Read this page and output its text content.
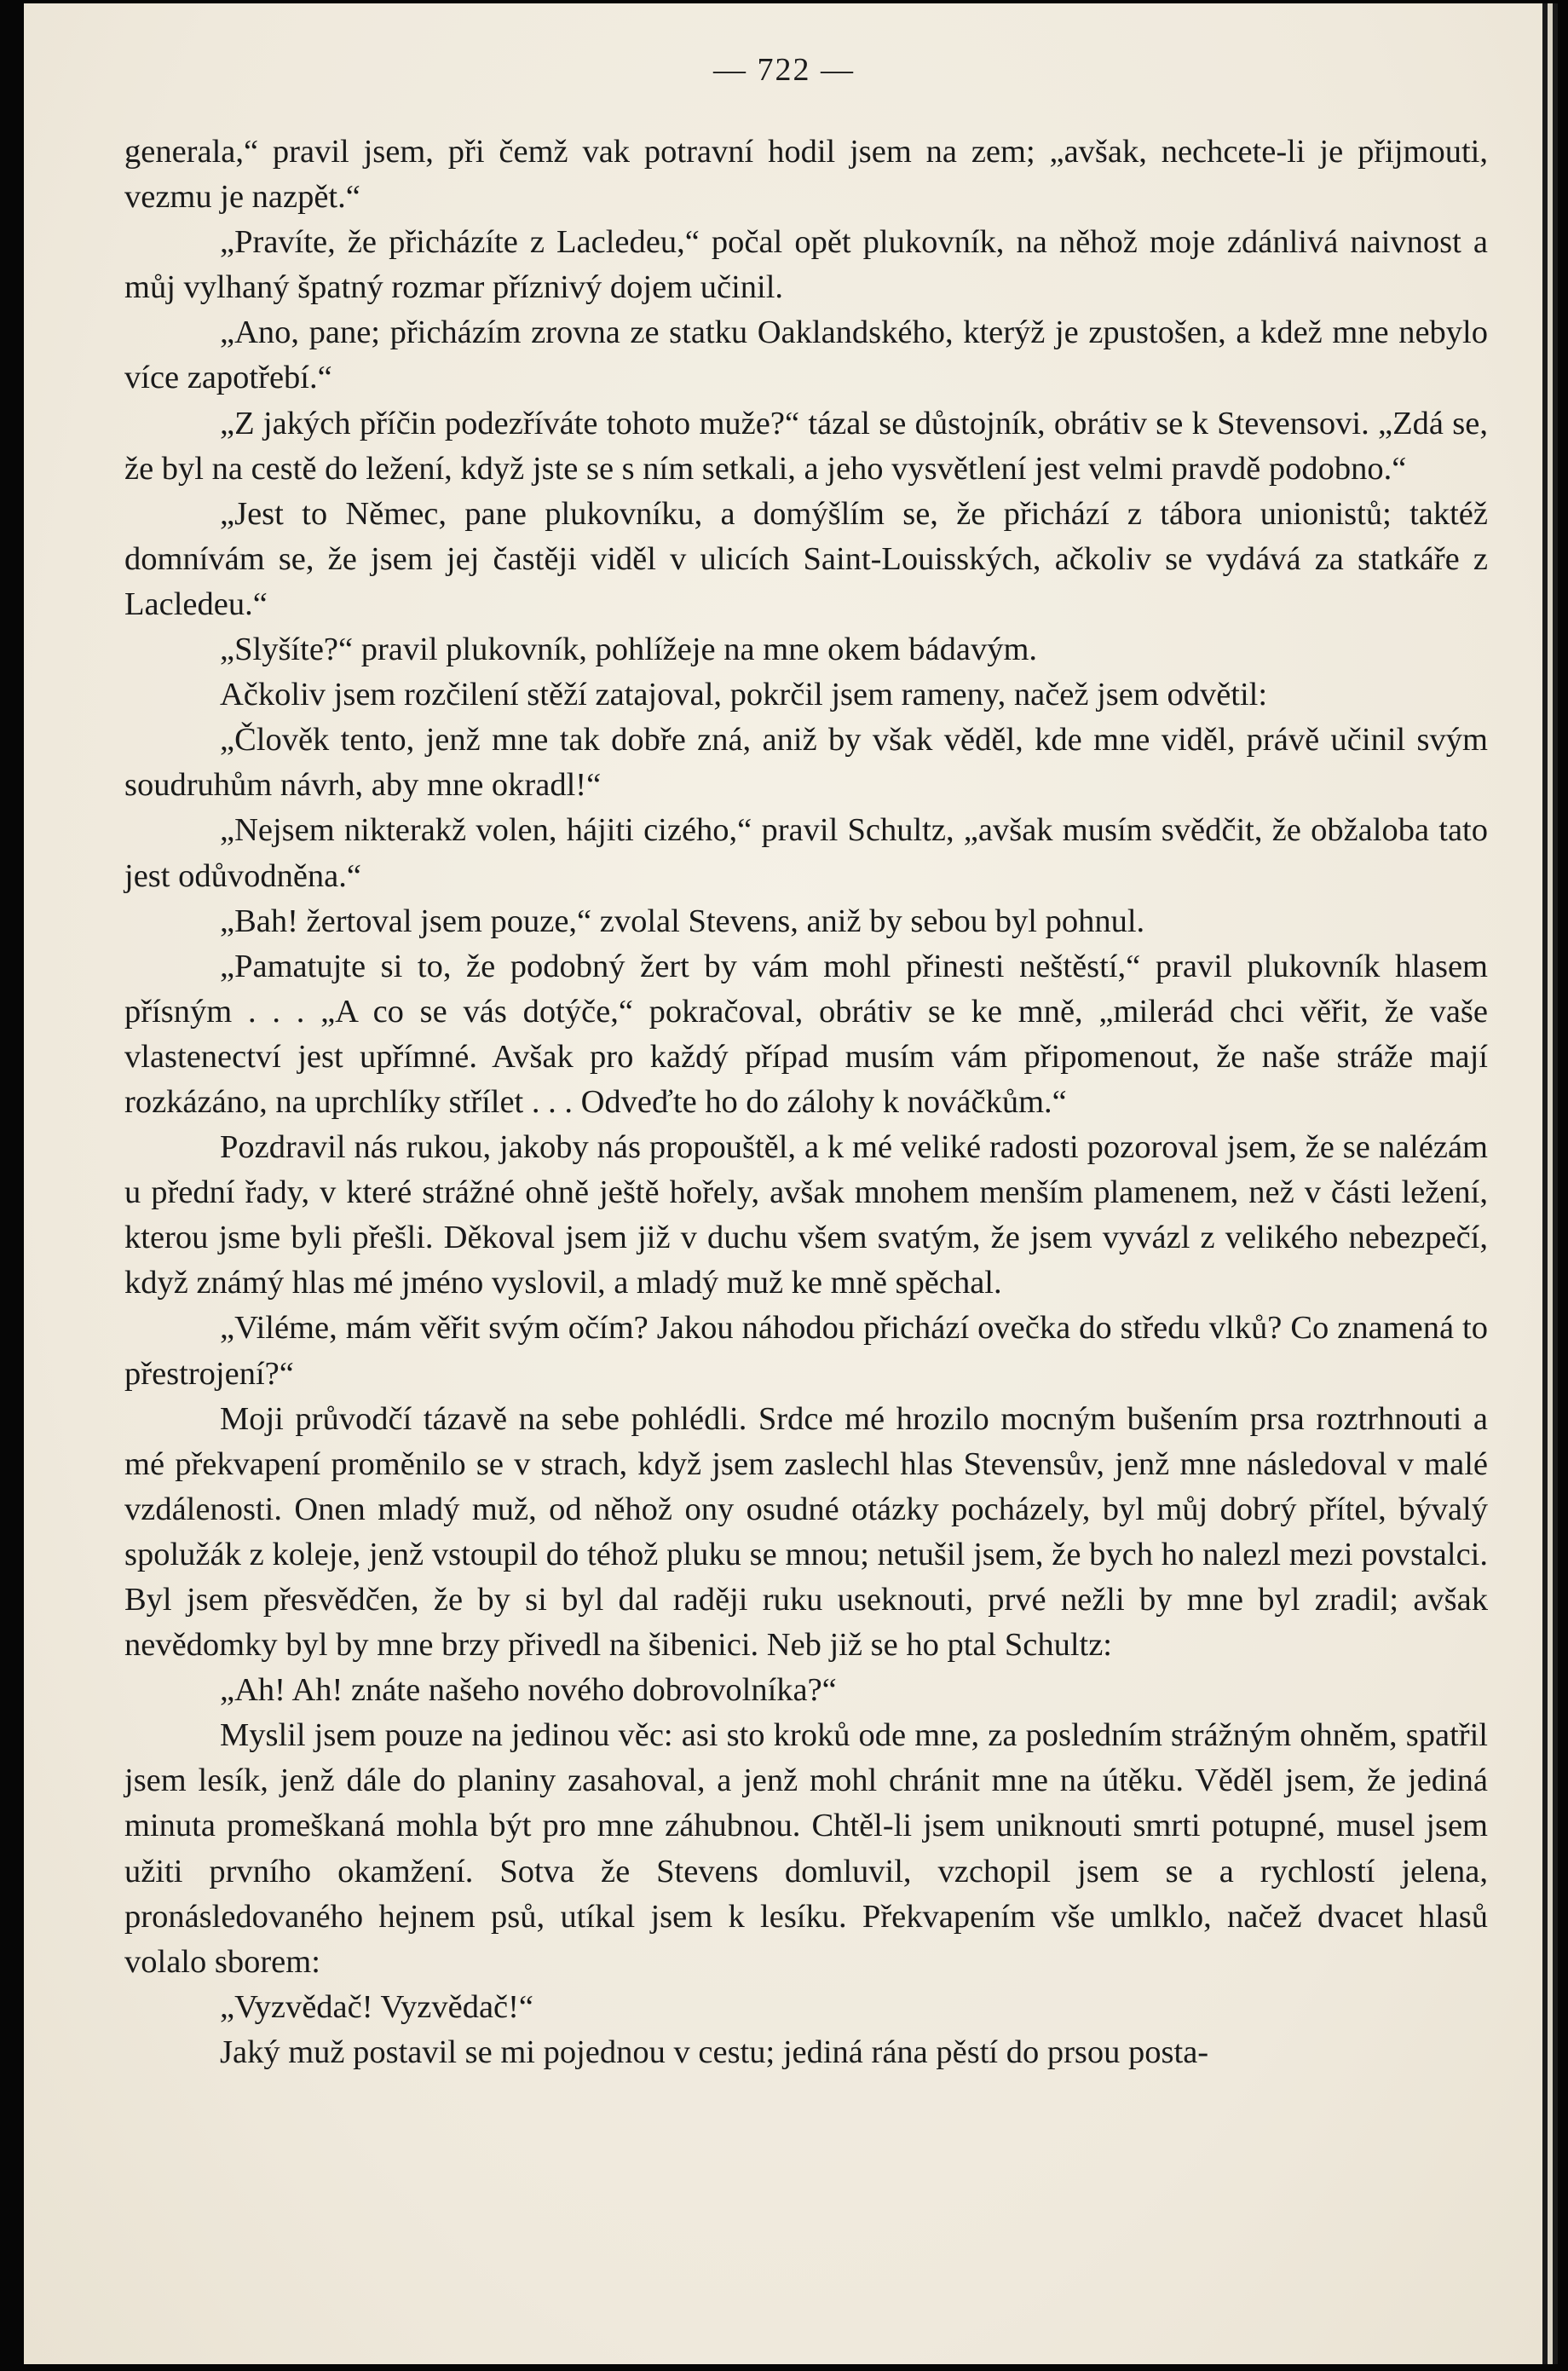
— 722 —

generala,“ pravil jsem, při čemž vak potravní hodil jsem na zem; „avšak, nechcete-li je přijmouti, vezmu je nazpět.“

„Pravíte, že přicházíte z Lacledeu,“ počal opět plukovník, na něhož moje zdánlivá naivnost a můj vylhaný špatný rozmar příznivý dojem učinil.

„Ano, pane; přicházím zrovna ze statku Oaklandského, kterýž je zpustošen, a kdež mne nebylo více zapotřebí.“

„Z jakých příčin podezříváte tohoto muže?“ tázal se důstojník, obrátiv se k Stevensovi. „Zdá se, že byl na cestě do ležení, když jste se s ním setkali, a jeho vysvětlení jest velmi pravdě podobno.“

„Jest to Němec, pane plukovníku, a domýšlím se, že přichází z tábora unionistů; taktéž domnívám se, že jsem jej častěji viděl v ulicích Saint-Louisských, ačkoliv se vydává za statkáře z Lacledeu.“

„Slyšíte?“ pravil plukovník, pohlížeje na mne okem bádavým.

Ačkoliv jsem rozčilení stěží zatajoval, pokrčil jsem rameny, načež jsem odvětil:

„Člověk tento, jenž mne tak dobře zná, aniž by však věděl, kde mne viděl, právě učinil svým soudruhům návrh, aby mne okradl!“

„Nejsem nikterakž volen, hájiti cizého,“ pravil Schultz, „avšak musím svědčit, že obžaloba tato jest odůvodněna.“

„Bah! žertoval jsem pouze,“ zvolal Stevens, aniž by sebou byl pohnul.

„Pamatujte si to, že podobný žert by vám mohl přinesti neštěstí,“ pravil plukovník hlasem přísným . . . „A co se vás dotýče,“ pokračoval, obrátiv se ke mně, „milerád chci věřit, že vaše vlastenectví jest upřímné. Avšak pro každý případ musím vám připomenout, že naše stráže mají rozkázáno, na uprchlíky střílet . . . Odveďte ho do zálohy k nováčkům.“

Pozdravil nás rukou, jakoby nás propouštěl, a k mé veliké radosti pozoroval jsem, že se nalézám u přední řady, v které strážné ohně ještě hořely, avšak mnohem menším plamenem, než v části ležení, kterou jsme byli přešli. Děkoval jsem již v duchu všem svatým, že jsem vyvázl z velikého nebezpečí, když známý hlas mé jméno vyslovil, a mladý muž ke mně spěchal.

„Viléme, mám věřit svým očím? Jakou náhodou přichází ovečka do středu vlků? Co znamená to přestrojení?“

Moji průvodčí tázavě na sebe pohlédli. Srdce mé hrozilo mocným bušením prsa roztrhnouti a mé překvapení proměnilo se v strach, když jsem zaslechl hlas Stevensův, jenž mne následoval v malé vzdálenosti. Onen mladý muž, od něhož ony osudné otázky pocházely, byl můj dobrý přítel, bývalý spolužák z koleje, jenž vstoupil do téhož pluku se mnou; netušil jsem, že bych ho nalezl mezi povstalci. Byl jsem přesvědčen, že by si byl dal raději ruku useknouti, prvé nežli by mne byl zradil; avšak nevědomky byl by mne brzy přivedl na šibenici. Neb již se ho ptal Schultz:

„Ah! Ah! znáte našeho nového dobrovolníka?“

Myslil jsem pouze na jedinou věc: asi sto kroků ode mne, za posledním strážným ohněm, spatřil jsem lesík, jenž dále do planiny zasahoval, a jenž mohl chránit mne na útěku. Věděl jsem, že jediná minuta promeškaná mohla být pro mne záhubnou. Chtěl-li jsem uniknouti smrti potupné, musel jsem užiti prvního okamžení. Sotva že Stevens domluvil, vzchopil jsem se a rychlostí jelena, pronásledovaného hejnem psů, utíkal jsem k lesíku. Překvapením vše umlklo, načež dvacet hlasů volalo sborem:

„Vyzvědač! Vyzvědač!“

Jaký muž postavil se mi pojednou v cestu; jediná rána pěstí do prsou posta-
